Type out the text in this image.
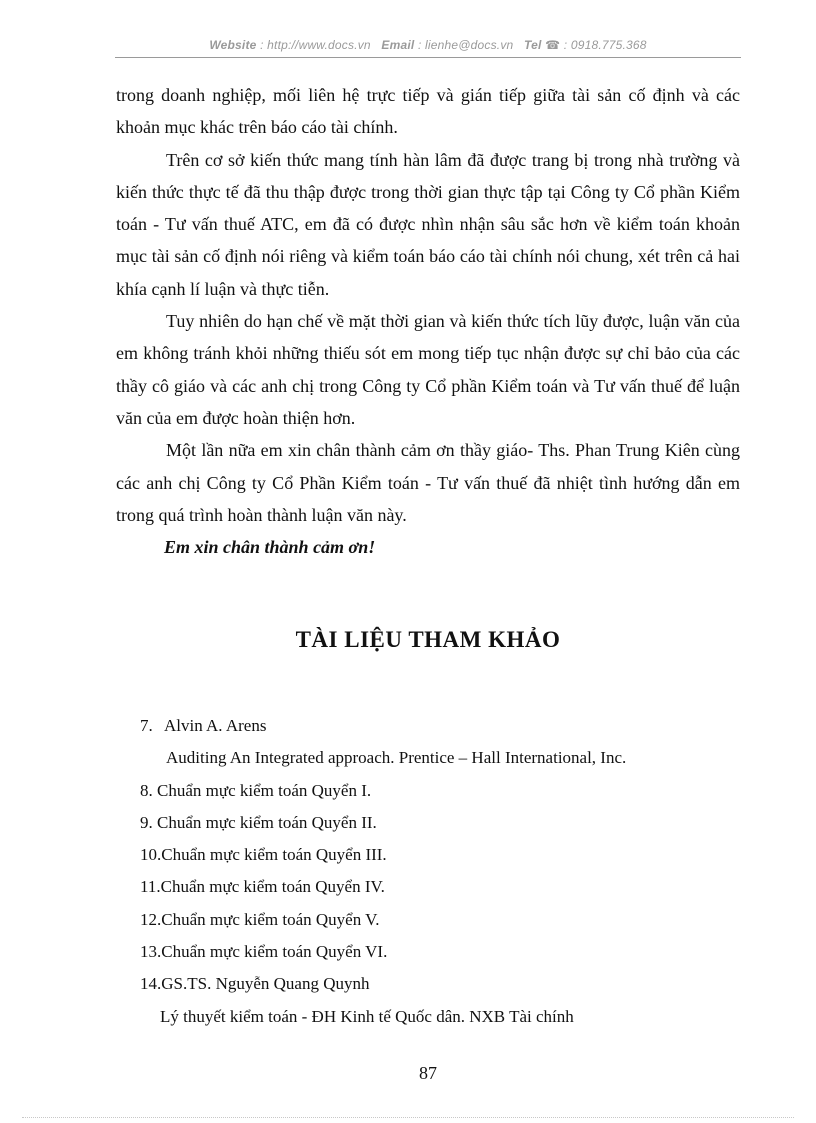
Website : http://www.docs.vn Email : lienhe@docs.vn Tel ☎ : 0918.775.368

trong doanh nghiệp, mối liên hệ trực tiếp và gián tiếp giữa tài sản cố định và các khoản mục khác trên báo cáo tài chính.

Trên cơ sở kiến thức mang tính hàn lâm đã được trang bị trong nhà trường và kiến thức thực tế đã thu thập được trong thời gian thực tập tại Công ty Cổ phần Kiểm toán - Tư vấn thuế ATC, em đã có được nhìn nhận sâu sắc hơn về kiểm toán khoản mục tài sản cố định nói riêng và kiểm toán báo cáo tài chính nói chung, xét trên cả hai khía cạnh lí luận và thực tiễn.

Tuy nhiên do hạn chế về mặt thời gian và kiến thức tích lũy được, luận văn của em không tránh khỏi những thiếu sót em mong tiếp tục nhận được sự chỉ bảo của các thầy cô giáo và các anh chị trong Công ty Cổ phần Kiểm toán và Tư vấn thuế để luận văn của em được hoàn thiện hơn.

Một lần nữa em xin chân thành cảm ơn thầy giáo- Ths. Phan Trung Kiên cùng các anh chị Công ty Cổ Phần Kiểm toán - Tư vấn thuế đã nhiệt tình hướng dẫn em trong quá trình hoàn thành luận văn này.

Em xin chân thành cảm ơn!

TÀI LIỆU THAM KHẢO
7. Alvin A. Arens
Auditing An Integrated approach. Prentice – Hall International, Inc.
8. Chuẩn mực kiểm toán Quyển I.
9. Chuẩn mực kiểm toán Quyển II.
10.Chuẩn mực kiểm toán Quyển III.
11.Chuẩn mực kiểm toán Quyển IV.
12.Chuẩn mực kiểm toán Quyển V.
13.Chuẩn mực kiểm toán Quyển VI.
14.GS.TS. Nguyễn Quang Quynh
Lý thuyết kiểm toán - ĐH Kinh tế Quốc dân. NXB Tài chính
87
